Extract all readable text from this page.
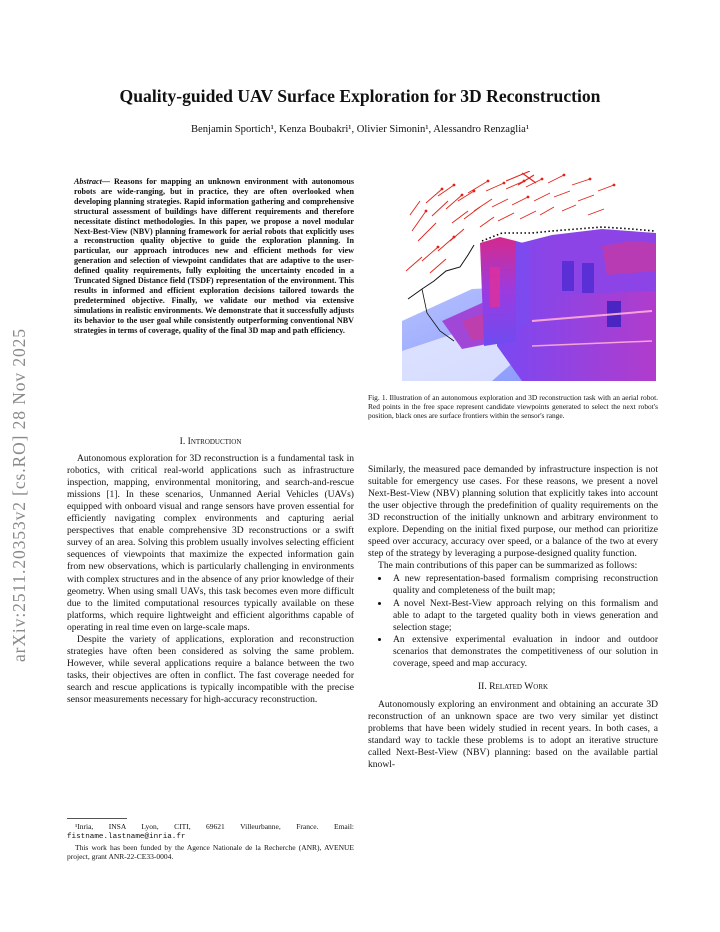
arXiv:2511.20353v2 [cs.RO] 28 Nov 2025
Quality-guided UAV Surface Exploration for 3D Reconstruction
Benjamin Sportich¹, Kenza Boubakri¹, Olivier Simonin¹, Alessandro Renzaglia¹
Abstract— Reasons for mapping an unknown environment with autonomous robots are wide-ranging, but in practice, they are often overlooked when developing planning strategies. Rapid information gathering and comprehensive structural assessment of buildings have different requirements and therefore necessitate distinct methodologies. In this paper, we propose a novel modular Next-Best-View (NBV) planning framework for aerial robots that explicitly uses a reconstruction quality objective to guide the exploration planning. In particular, our approach introduces new and efficient methods for view generation and selection of viewpoint candidates that are adaptive to the user-defined quality requirements, fully exploiting the uncertainty encoded in a Truncated Signed Distance field (TSDF) representation of the environment. This results in informed and efficient exploration decisions tailored towards the predetermined objective. Finally, we validate our method via extensive simulations in realistic environments. We demonstrate that it successfully adjusts its behavior to the user goal while consistently outperforming conventional NBV strategies in terms of coverage, quality of the final 3D map and path efficiency.
I. Introduction

Autonomous exploration for 3D reconstruction is a fundamental task in robotics, with critical real-world applications such as infrastructure inspection, mapping, environmental monitoring, and search-and-rescue missions [1]. In these scenarios, Unmanned Aerial Vehicles (UAVs) equipped with onboard visual and range sensors have proven essential for efficiently navigating complex environments and capturing aerial perspectives that enable comprehensive 3D reconstructions or a swift survey of an area. Solving this problem usually involves selecting efficient sequences of viewpoints that maximize the expected information gain from new observations, which is particularly challenging in environments with complex structures and in the absence of any prior knowledge of their geometry. When using small UAVs, this task becomes even more difficult due to the limited computational resources typically available on these platforms, which require lightweight and efficient algorithms capable of operating in real time even on large-scale maps.

Despite the variety of applications, exploration and reconstruction strategies have often been considered as solving the same problem. However, while several applications require a balance between the two tasks, their objectives are often in conflict. The fast coverage needed for search and rescue applications is typically incompatible with the precise sensor measurements necessary for high-accuracy reconstruction.

¹Inria, INSA Lyon, CITI, 69621 Villeurbanne, France. Email: fistname.lastname@inria.fr
This work has been funded by the Agence Nationale de la Recherche (ANR), AVENUE project, grant ANR-22-CE33-0004.
Fig. 1. Illustration of an autonomous exploration and 3D reconstruction task with an aerial robot. Red points in the free space represent candidate viewpoints generated to select the next robot's position, black ones are surface frontiers within the sensor's range.

Similarly, the measured pace demanded by infrastructure inspection is not suitable for emergency use cases. For these reasons, we present a novel Next-Best-View (NBV) planning solution that explicitly takes into account the user objective through the predefinition of quality requirements on the 3D reconstruction of the initially unknown and arbitrary environment to explore. Depending on the initial fixed purpose, our method can prioritize speed over accuracy, accuracy over speed, or a balance of the two at every step of the strategy by leveraging a purpose-designed quality function.

The main contributions of this paper can be summarized as follows:

• A new representation-based formalism comprising reconstruction quality and completeness of the built map;
• A novel Next-Best-View approach relying on this formalism and able to adapt to the targeted quality both in views generation and selection stage;
• An extensive experimental evaluation in indoor and outdoor scenarios that demonstrates the competitiveness of our solution in coverage, speed and map accuracy.
II. Related Work

Autonomously exploring an environment and obtaining an accurate 3D reconstruction of an unknown space are two very similar yet distinct problems that have been widely studied in recent years. In both cases, a standard way to tackle these problems is to adopt an iterative structure called Next-Best-View (NBV) planning: based on the available partial knowl-
